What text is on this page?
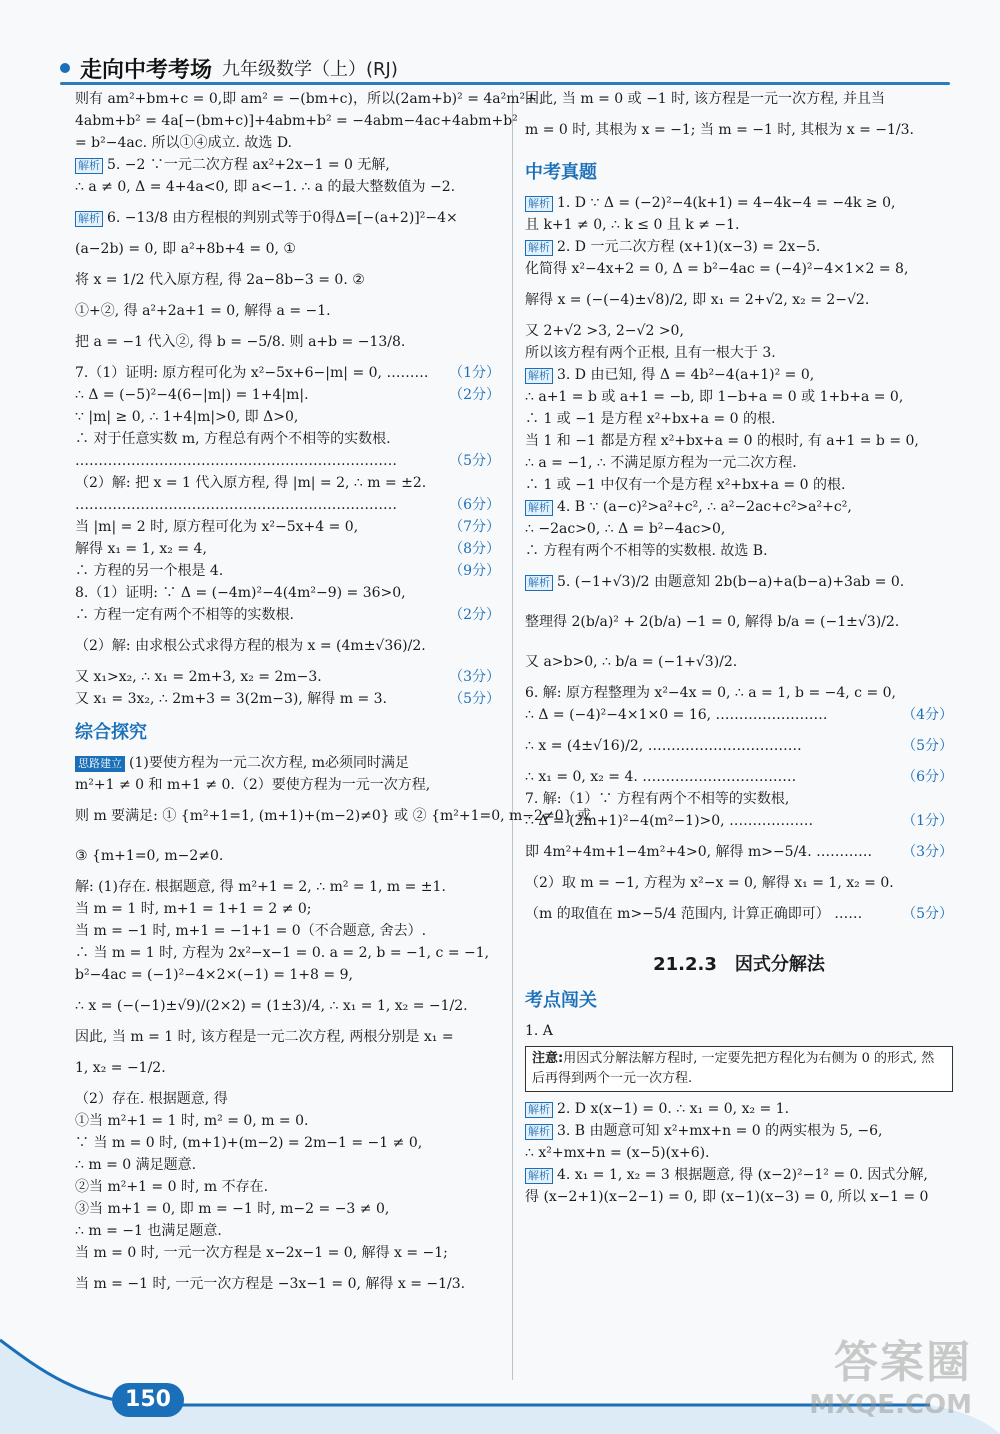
走向中考考场 九年级数学（上）(RJ)
则有 am²+bm+c = 0,即 am² = −(bm+c)，所以(2am+b)² = 4a²m²+
4abm+b² = 4a[−(bm+c)]+4abm+b² = −4abm−4ac+4abm+b²
= b²−4ac. 所以①④成立. 故选 D.
解析 5. −2 ∵一元二次方程 ax²+2x−1 = 0 无解,
∴ a ≠ 0, Δ = 4+4a<0, 即 a<−1. ∴ a 的最大整数值为 −2.
解析 6. −13/8 由方程根的判别式等于0得Δ=[−(a+2)]²−4×
(a−2b) = 0, 即 a²+8b+4 = 0, ①
将 x = 1/2 代入原方程, 得 2a−8b−3 = 0. ②
①+②, 得 a²+2a+1 = 0, 解得 a = −1.
把 a = −1 代入②, 得 b = −5/8. 则 a+b = −13/8.
7.（1）证明: 原方程可化为 x²−5x+6−|m| = 0, ……… （1分）
∴ Δ = (−5)²−4(6−|m|) = 1+4|m|.	（2分）
∵ |m| ≥ 0, ∴ 1+4|m|>0, 即 Δ>0,
∴ 对于任意实数 m, 方程总有两个不相等的实数根.
……………………………………………………………	（5分）
（2）解: 把 x = 1 代入原方程, 得 |m| = 2, ∴ m = ±2.
……………………………………………………………	（6分）
当 |m| = 2 时, 原方程可化为 x²−5x+4 = 0,	（7分）
解得 x₁ = 1, x₂ = 4,	（8分）
∴ 方程的另一个根是 4.	（9分）
8.（1）证明: ∵ Δ = (−4m)²−4(4m²−9) = 36>0,
∴ 方程一定有两个不相等的实数根.	（2分）
（2）解: 由求根公式求得方程的根为 x = (4m±√36)/2.
又 x₁>x₂, ∴ x₁ = 2m+3, x₂ = 2m−3.	（3分）
又 x₁ = 3x₂, ∴ 2m+3 = 3(2m−3), 解得 m = 3.	（5分）
综合探究
思路建立 (1)要使方程为一元二次方程, m必须同时满足
m²+1 ≠ 0 和 m+1 ≠ 0.（2）要使方程为一元一次方程,
则 m 要满足: ① {m²+1=1, (m+1)+(m−2)≠0} 或 ② {m²+1=0, m−2≠0} 或
③ {m+1=0, m−2≠0.
解: (1)存在. 根据题意, 得 m²+1 = 2, ∴ m² = 1, m = ±1.
当 m = 1 时, m+1 = 1+1 = 2 ≠ 0;
当 m = −1 时, m+1 = −1+1 = 0（不合题意, 舍去）.
∴ 当 m = 1 时, 方程为 2x²−x−1 = 0. a = 2, b = −1, c = −1,
b²−4ac = (−1)²−4×2×(−1) = 1+8 = 9,
∴ x = (−(−1)±√9)/(2×2) = (1±3)/4, ∴ x₁ = 1, x₂ = −1/2.
因此, 当 m = 1 时, 该方程是一元二次方程, 两根分别是 x₁ =
1, x₂ = −1/2.
（2）存在. 根据题意, 得
①当 m²+1 = 1 时, m² = 0, m = 0.
∵ 当 m = 0 时, (m+1)+(m−2) = 2m−1 = −1 ≠ 0,
∴ m = 0 满足题意.
②当 m²+1 = 0 时, m 不存在.
③当 m+1 = 0, 即 m = −1 时, m−2 = −3 ≠ 0,
∴ m = −1 也满足题意.
当 m = 0 时, 一元一次方程是 x−2x−1 = 0, 解得 x = −1;
当 m = −1 时, 一元一次方程是 −3x−1 = 0, 解得 x = −1/3.
因此, 当 m = 0 或 −1 时, 该方程是一元一次方程, 并且当
m = 0 时, 其根为 x = −1; 当 m = −1 时, 其根为 x = −1/3.
中考真题
解析 1. D ∵ Δ = (−2)²−4(k+1) = 4−4k−4 = −4k ≥ 0,
且 k+1 ≠ 0, ∴ k ≤ 0 且 k ≠ −1.
解析 2. D 一元二次方程 (x+1)(x−3) = 2x−5.
化简得 x²−4x+2 = 0, Δ = b²−4ac = (−4)²−4×1×2 = 8,
解得 x = (−(−4)±√8)/2, 即 x₁ = 2+√2, x₂ = 2−√2.
又 2+√2 >3, 2−√2 >0,
所以该方程有两个正根, 且有一根大于 3.
解析 3. D 由已知, 得 Δ = 4b²−4(a+1)² = 0,
∴ a+1 = b 或 a+1 = −b, 即 1−b+a = 0 或 1+b+a = 0,
∴ 1 或 −1 是方程 x²+bx+a = 0 的根.
当 1 和 −1 都是方程 x²+bx+a = 0 的根时, 有 a+1 = b = 0,
∴ a = −1, ∴ 不满足原方程为一元二次方程.
∴ 1 或 −1 中仅有一个是方程 x²+bx+a = 0 的根.
解析 4. B ∵ (a−c)²>a²+c², ∴ a²−2ac+c²>a²+c²,
∴ −2ac>0, ∴ Δ = b²−4ac>0,
∴ 方程有两个不相等的实数根. 故选 B.
解析 5. (−1+√3)/2 由题意知 2b(b−a)+a(b−a)+3ab = 0.
整理得 2(b/a)² + 2(b/a) −1 = 0, 解得 b/a = (−1±√3)/2.
又 a>b>0, ∴ b/a = (−1+√3)/2.
6. 解: 原方程整理为 x²−4x = 0, ∴ a = 1, b = −4, c = 0,
∴ Δ = (−4)²−4×1×0 = 16, ……………………	（4分）
∴ x = (4±√16)/2, ……………………………	（5分）
∴ x₁ = 0, x₂ = 4. ……………………………	（6分）
7. 解:（1）∵ 方程有两个不相等的实数根,
∴ Δ = (2m+1)²−4(m²−1)>0, ………………	（1分）
即 4m²+4m+1−4m²+4>0, 解得 m>−5/4. ………… （3分）
（2）取 m = −1, 方程为 x²−x = 0, 解得 x₁ = 1, x₂ = 0.
（m 的取值在 m>−5/4 范围内, 计算正确即可） ……	（5分）
21.2.3　因式分解法
考点闯关
1. A
注意:用因式分解法解方程时, 一定要先把方程化为右侧为 0 的形式, 然后再得到两个一元一次方程.
解析 2. D x(x−1) = 0. ∴ x₁ = 0, x₂ = 1.
解析 3. B 由题意可知 x²+mx+n = 0 的两实根为 5, −6,
∴ x²+mx+n = (x−5)(x+6).
解析 4. x₁ = 1, x₂ = 3 根据题意, 得 (x−2)²−1² = 0. 因式分解,
得 (x−2+1)(x−2−1) = 0, 即 (x−1)(x−3) = 0, 所以 x−1 = 0
150
答案圈
MXQE.COM
